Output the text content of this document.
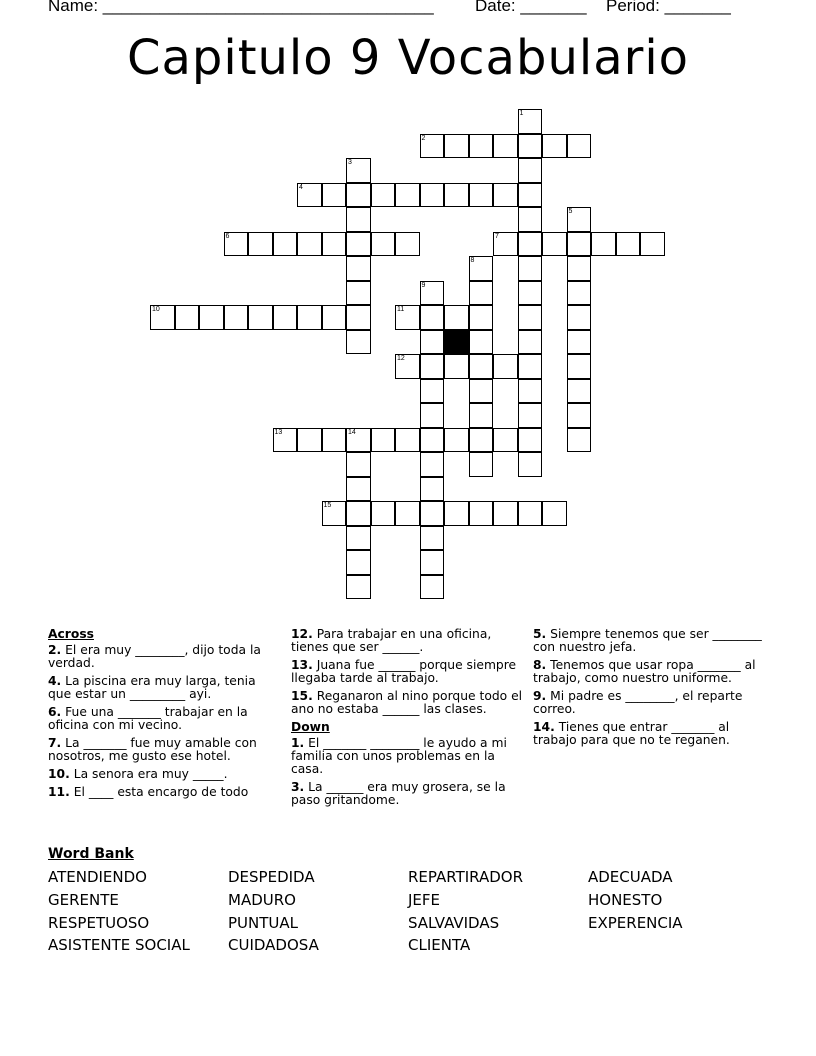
Name: ___________________________________

Date: _______

Period: _______

Capitulo 9 Vocabulario
2
4
6	7
10	11
12
13	14
15
1
3
5
8
9
Across
2. El era muy ________, dijo toda la verdad.
4. La piscina era muy larga, tenia que estar un _________ ayi.
6. Fue una _______ trabajar en la oficina con mi vecino.
7. La _______ fue muy amable con nosotros, me gusto ese hotel.
10. La senora era muy _____.
11. El ____ esta encargo de todo
12. Para trabajar en una oficina, tienes que ser ______.
13. Juana fue ______ porque siempre llegaba tarde al trabajo.
15. Reganaron al nino porque todo el ano no estaba ______ las clases.
Down
1. El _______ ________ le ayudo a mi familia con unos problemas en la casa.
3. La ______ era muy grosera, se la paso gritandome.
5. Siempre tenemos que ser ________ con nuestro jefa.
8. Tenemos que usar ropa _______ al trabajo, como nuestro uniforme.
9. Mi padre es ________, el reparte correo.
14. Tienes que entrar _______ al trabajo para que no te reganen.
Word Bank
ATENDIENDO
GERENTE
RESPETUOSO
ASISTENTE SOCIAL
DESPEDIDA
MADURO
PUNTUAL
CUIDADOSA
REPARTIRADOR
JEFE
SALVAVIDAS
CLIENTA
ADECUADA
HONESTO
EXPERENCIA
